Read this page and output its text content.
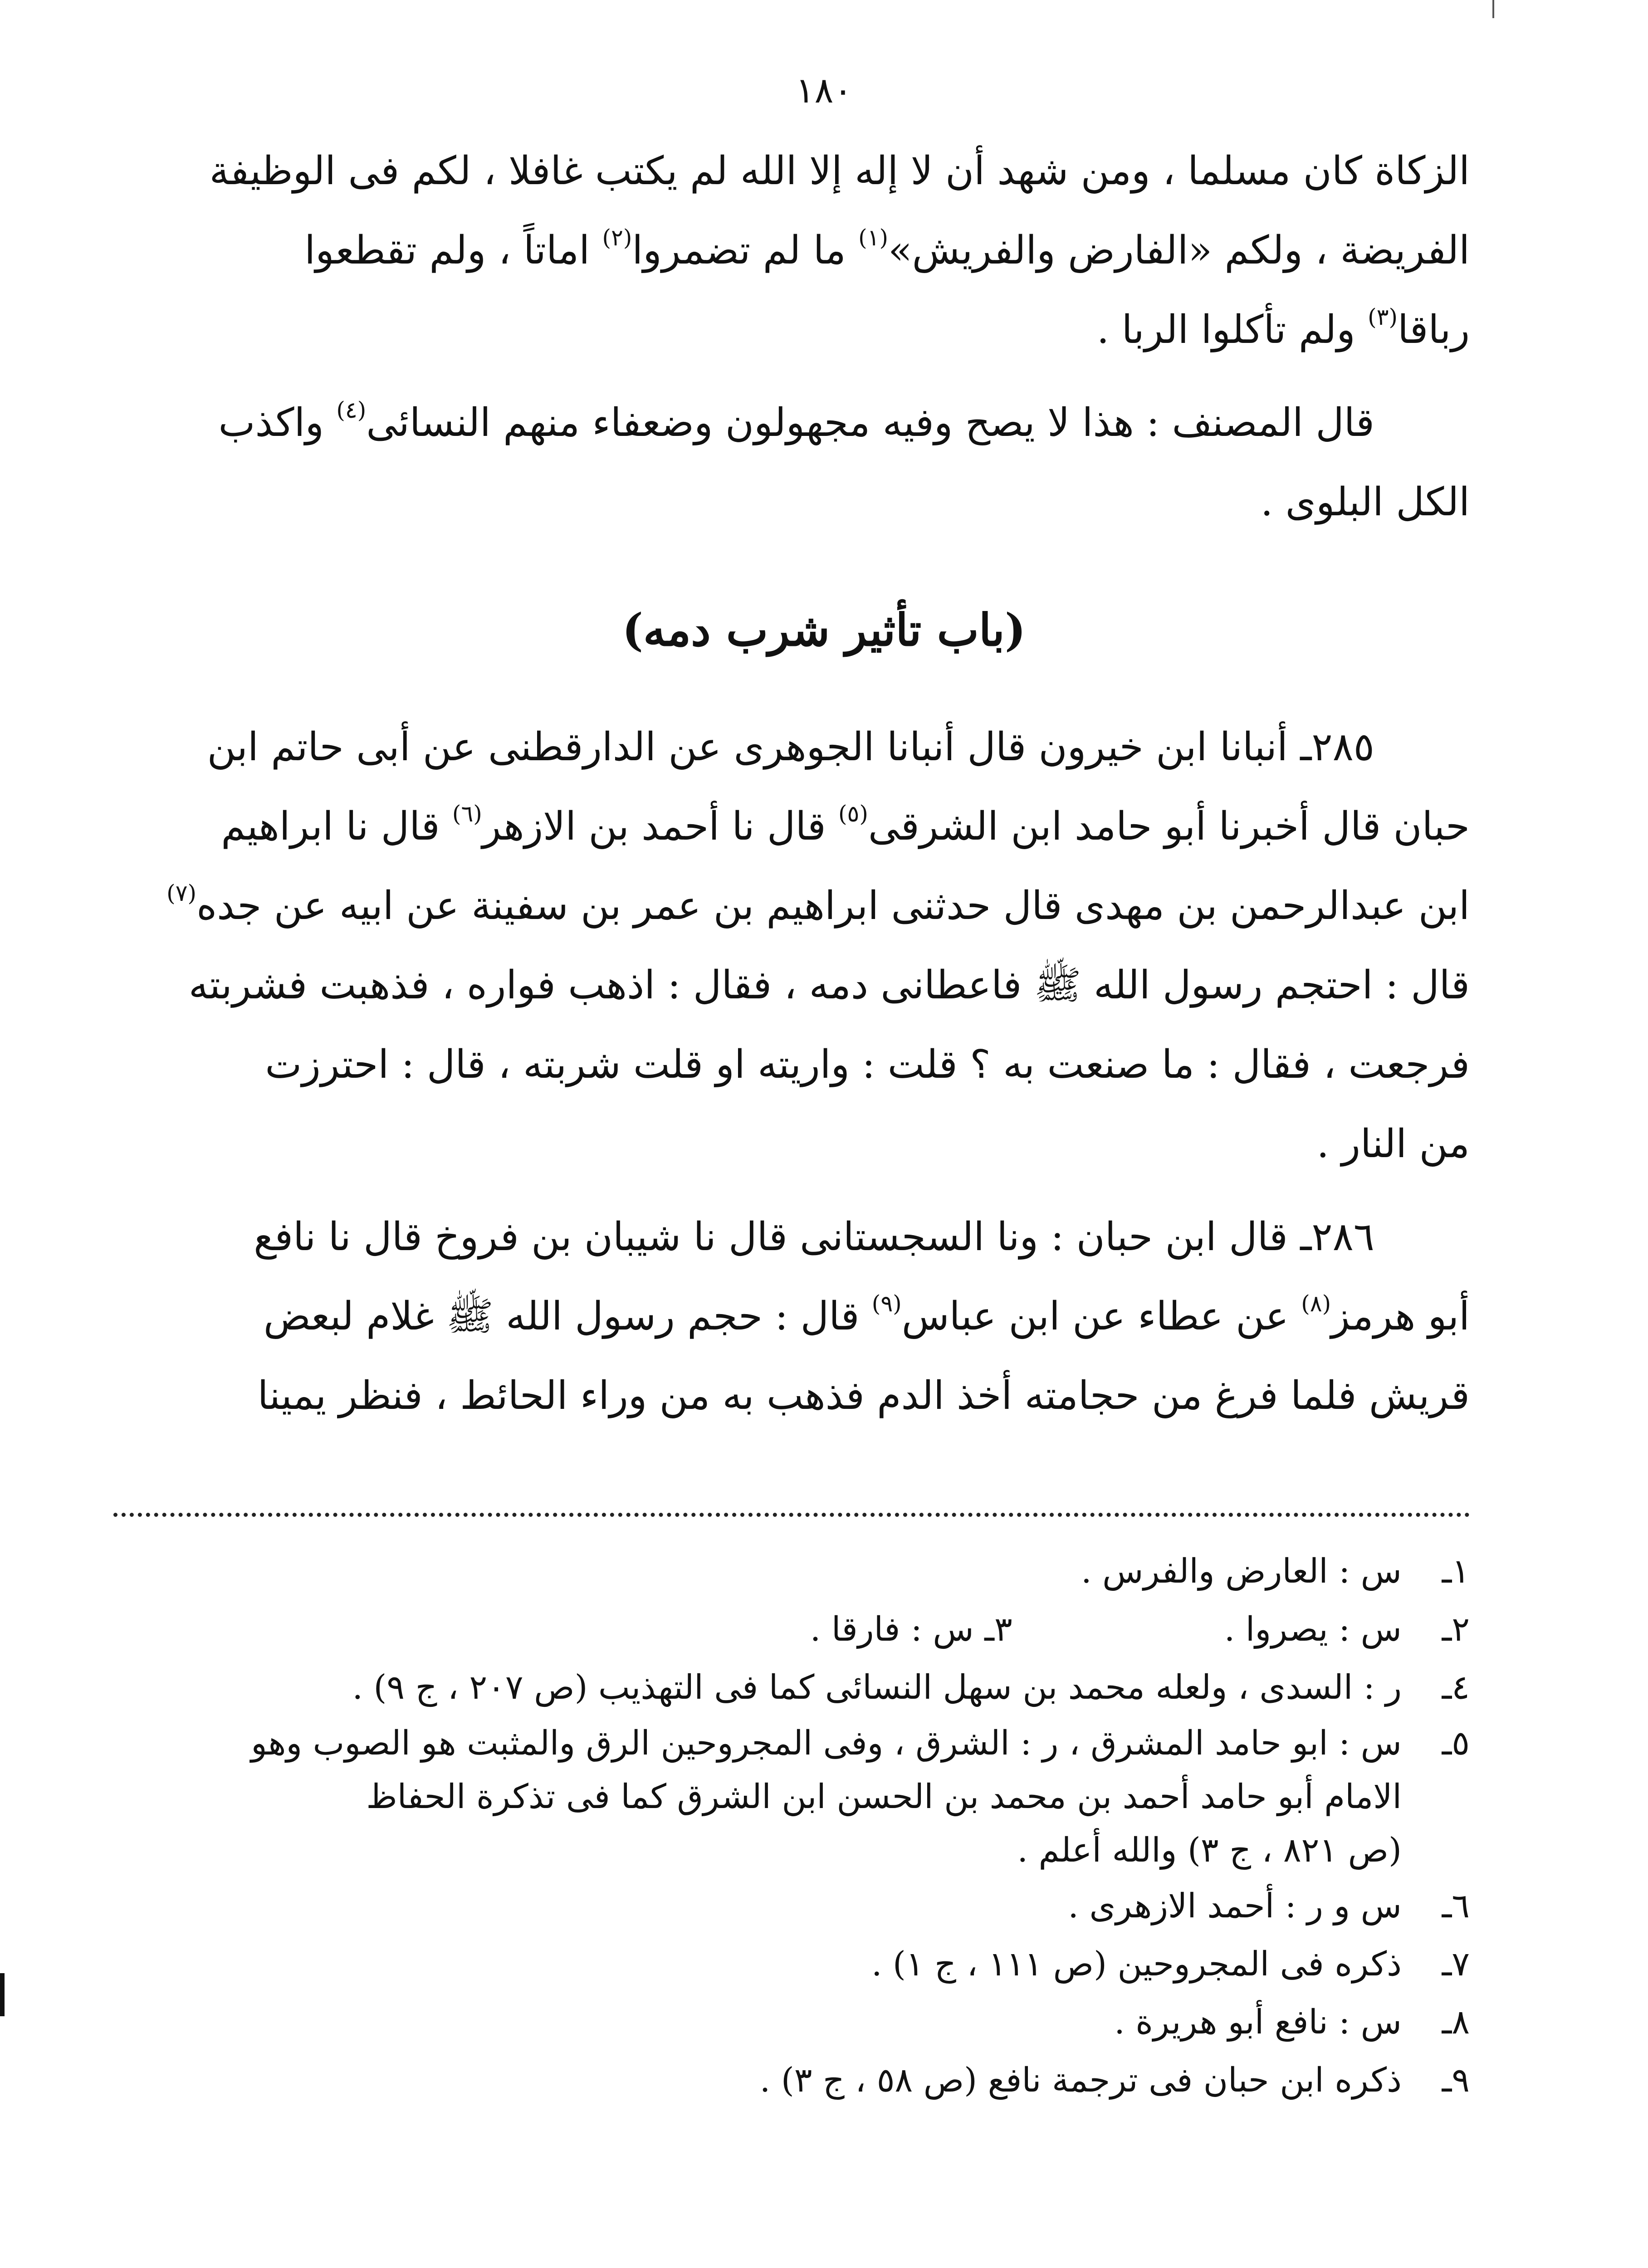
١٨٠

الزكاة كان مسلما ، ومن شهد أن لا إله إلا الله لم يكتب غافلا ، لكم فى الوظيفة
الفريضة ، ولكم «الفارض والفريش»$^{(١)}$ ما لم تضمروا$^{(٢)}$ اماتاً ، ولم تقطعوا
رباقا$^{(٣)}$ ولم تأكلوا الربا .

قال المصنف : هذا لا يصح وفيه مجهولون وضعفاء منهم النسائى$^{(٤)}$ واكذب
الكل البلوى .

(باب تأثير شرب دمه)

٢٨٥ـ أنبانا ابن خيرون قال أنبانا الجوهرى عن الدارقطنى عن أبى حاتم ابن
حبان قال أخبرنا أبو حامد ابن الشرقى$^{(٥)}$ قال نا أحمد بن الازهر$^{(٦)}$ قال نا ابراهيم
ابن عبدالرحمن بن مهدى قال حدثنى ابراهيم بن عمر بن سفينة عن ابيه عن جده$^{(٧)}$
قال : احتجم رسول الله ﷺ فاعطانى دمه ، فقال : اذهب فواره ، فذهبت فشربته
فرجعت ، فقال : ما صنعت به ؟ قلت : واريته او قلت شربته ، قال : احترزت
من النار .

٢٨٦ـ قال ابن حبان : ونا السجستانى قال نا شيبان بن فروخ قال نا نافع
أبو هرمز$^{(٨)}$ عن عطاء عن ابن عباس$^{(٩)}$ قال : حجم رسول الله ﷺ غلام لبعض
قريش فلما فرغ من حجامته أخذ الدم فذهب به من وراء الحائط ، فنظر يمينا

١ـ
س : العارض والفرس .

٢ـ
س : يصروا .  ٣ـ س : فارقا .

٤ـ
ر : السدى ، ولعله محمد بن سهل النسائى كما فى التهذيب (ص ٢٠٧ ، ج ٩) .

٥ـ
س : ابو حامد المشرق ، ر : الشرق ، وفى المجروحين الرق والمثبت هو الصوب وهو
الامام أبو حامد أحمد بن محمد بن الحسن ابن الشرق كما فى تذكرة الحفاظ
(ص ٨٢١ ، ج ٣) والله أعلم .

٦ـ
س و ر : أحمد الازهرى .

٧ـ
ذكره فى المجروحين (ص ١١١ ، ج ١) .

٨ـ
س : نافع أبو هريرة .

٩ـ
ذكره ابن حبان فى ترجمة نافع (ص ٥٨ ، ج ٣) .
